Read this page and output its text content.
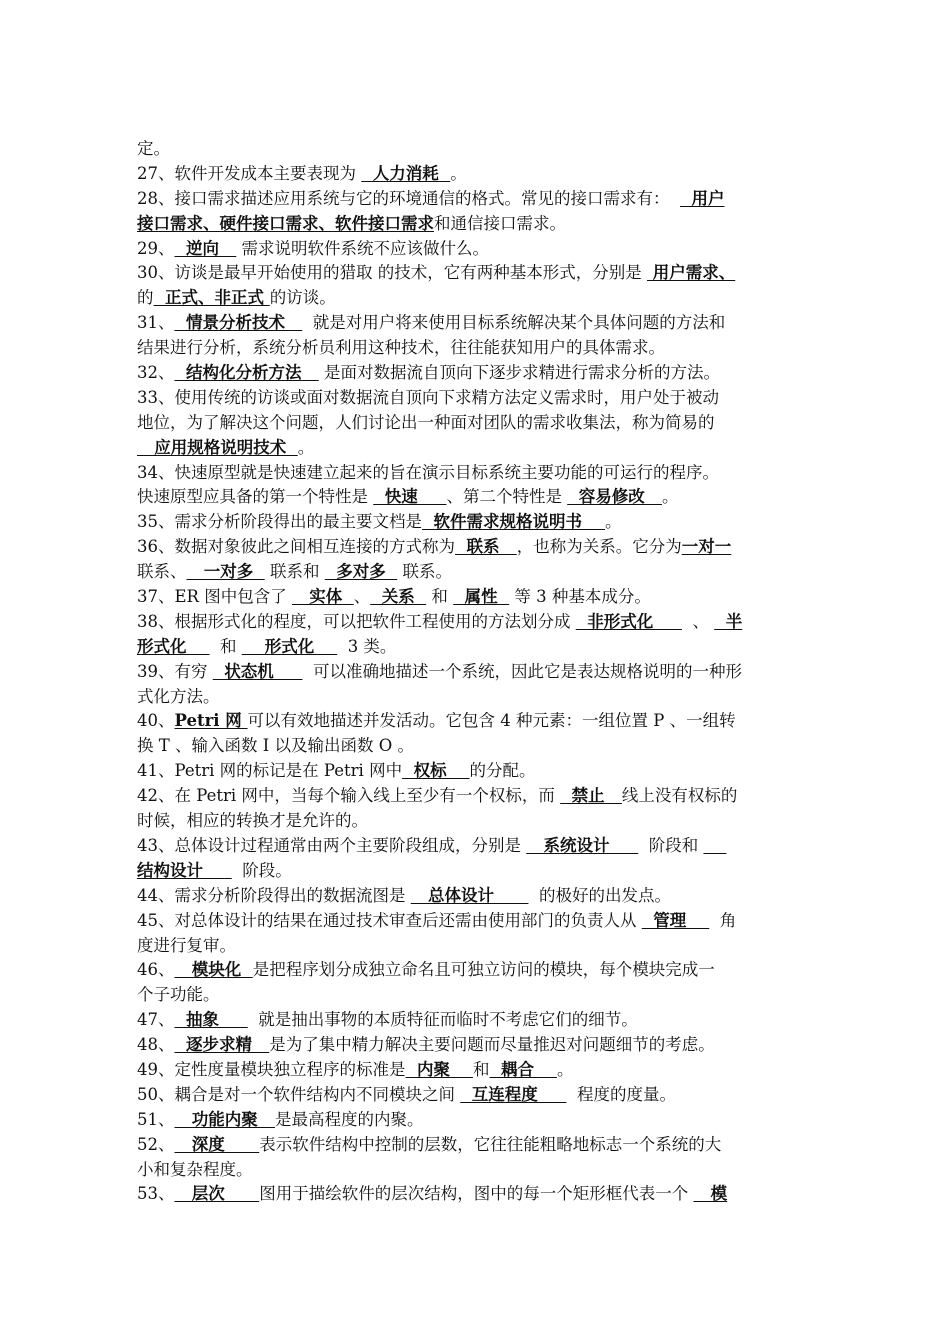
定。
27、软件开发成本主要表现为   人力消耗  。
28、接口需求描述应用系统与它的环境通信的格式。常见的接口需求有：    用户
接口需求、硬件接口需求、软件接口需求和通信接口需求。
29、  逆向    需求说明软件系统不应该做什么。
30、访谈是最早开始使用的猎取 的技术，它有两种基本形式，分别是  用户需求、
的  正式、非正式 的访谈。
31、  情景分析技术     就是对用户将来使用目标系统解决某个具体问题的方法和
结果进行分析，系统分析员利用这种技术，往往能获知用户的具体需求。
32、  结构化分析方法    是面对数据流自顶向下逐步求精进行需求分析的方法。
33、使用传统的访谈或面对数据流自顶向下求精方法定义需求时，用户处于被动
地位，为了解决这个问题，人们讨论出一种面对团队的需求收集法，称为简易的
应用规格说明技术  。
34、快速原型就是快速建立起来的旨在演示目标系统主要功能的可运行的程序。
快速原型应具备的第一个特性是   快速     、第二个特性是   容易修改   。
35、需求分析阶段得出的最主要文档是  软件需求规格说明书    。
36、数据对象彼此之间相互连接的方式称为  联系   ，也称为关系。它分为一对一
联系、   一对多   联系和   多对多   联系。
37、ER 图中包含了    实体  、  关系   和   属性   等 3 种基本成分。
38、根据形式化的程度，可以把软件工程使用的方法划分成   非形式化       、   半
形式化      和     形式化      3 类。
39、有穷   状态机       可以准确地描述一个系统，因此它是表达规格说明的一种形
式化方法。
40、Petri 网 可以有效地描述并发活动。它包含 4 种元素：一组位置 P 、一组转
换 T 、输入函数 I 以及输出函数 O 。
41、Petri 网的标记是在 Petri 网中  权标    的分配。
42、在 Petri 网中，当每个输入线上至少有一个权标，而   禁止   线上没有权标的
时候，相应的转换才是允许的。
43、总体设计过程通常由两个主要阶段组成，分别是    系统设计       阶段和
结构设计       阶段。
44、需求分析阶段得出的数据流图是    总体设计        的极好的出发点。
45、对总体设计的结果在通过技术审查后还需由使用部门的负责人从   管理      角
度进行复审。
46、   模块化  是把程序划分成独立命名且可独立访问的模块，每个模块完成一
个子功能。
47、  抽象       就是抽出事物的本质特征而临时不考虑它们的细节。
48、  逐步求精   是为了集中精力解决主要问题而尽量推迟对问题细节的考虑。
49、定性度量模块独立程序的标准是  内聚    和  耦合    。
50、耦合是对一个软件结构内不同模块之间   互连程度       程度的度量。
51、   功能内聚   是最高程度的内聚。
52、   深度      表示软件结构中控制的层数，它往往能粗略地标志一个系统的大
小和复杂程度。
53、   层次      图用于描绘软件的层次结构，图中的每一个矩形框代表一个    模
